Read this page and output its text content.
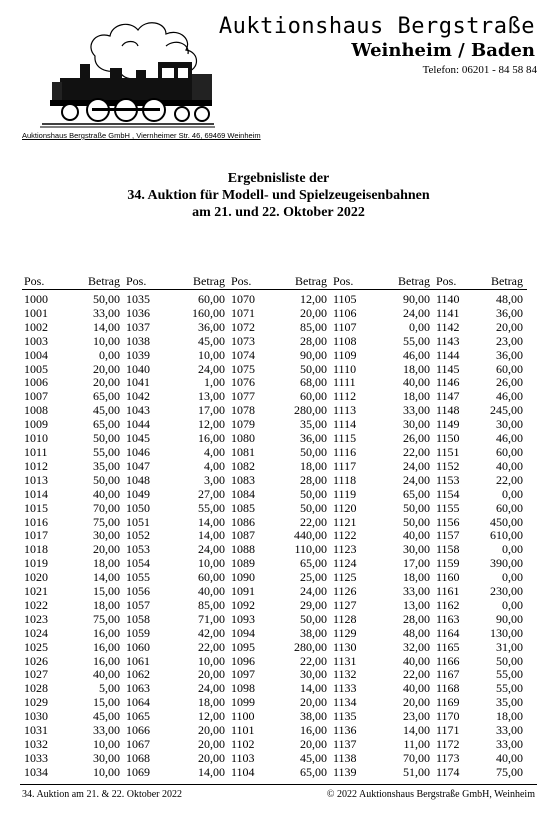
Auktionshaus Bergstraße
Weinheim / Baden
Telefon: 06201 - 84 58 84
Auktionshaus Bergstraße GmbH , Viernheimer Str. 46, 69469 Weinheim
Ergebnisliste der
34. Auktion für Modell- und Spielzeugeisenbahnen
am 21. und 22. Oktober 2022
Pos.	Betrag	Pos.	Betrag	Pos.	Betrag	Pos.	Betrag	Pos.	Betrag
1000	50,00	1035	60,00	1070	12,00	1105	90,00	1140	48,00
1001	33,00	1036	160,00	1071	20,00	1106	24,00	1141	36,00
1002	14,00	1037	36,00	1072	85,00	1107	0,00	1142	20,00
1003	10,00	1038	45,00	1073	28,00	1108	55,00	1143	23,00
1004	0,00	1039	10,00	1074	90,00	1109	46,00	1144	36,00
1005	20,00	1040	24,00	1075	50,00	1110	18,00	1145	60,00
1006	20,00	1041	1,00	1076	68,00	1111	40,00	1146	26,00
1007	65,00	1042	13,00	1077	60,00	1112	18,00	1147	46,00
1008	45,00	1043	17,00	1078	280,00	1113	33,00	1148	245,00
1009	65,00	1044	12,00	1079	35,00	1114	30,00	1149	30,00
1010	50,00	1045	16,00	1080	36,00	1115	26,00	1150	46,00
1011	55,00	1046	4,00	1081	50,00	1116	22,00	1151	60,00
1012	35,00	1047	4,00	1082	18,00	1117	24,00	1152	40,00
1013	50,00	1048	3,00	1083	28,00	1118	24,00	1153	22,00
1014	40,00	1049	27,00	1084	50,00	1119	65,00	1154	0,00
1015	70,00	1050	55,00	1085	50,00	1120	50,00	1155	60,00
1016	75,00	1051	14,00	1086	22,00	1121	50,00	1156	450,00
1017	30,00	1052	14,00	1087	440,00	1122	40,00	1157	610,00
1018	20,00	1053	24,00	1088	110,00	1123	30,00	1158	0,00
1019	18,00	1054	10,00	1089	65,00	1124	17,00	1159	390,00
1020	14,00	1055	60,00	1090	25,00	1125	18,00	1160	0,00
1021	15,00	1056	40,00	1091	24,00	1126	33,00	1161	230,00
1022	18,00	1057	85,00	1092	29,00	1127	13,00	1162	0,00
1023	75,00	1058	71,00	1093	50,00	1128	28,00	1163	90,00
1024	16,00	1059	42,00	1094	38,00	1129	48,00	1164	130,00
1025	16,00	1060	22,00	1095	280,00	1130	32,00	1165	31,00
1026	16,00	1061	10,00	1096	22,00	1131	40,00	1166	50,00
1027	40,00	1062	20,00	1097	30,00	1132	22,00	1167	55,00
1028	5,00	1063	24,00	1098	14,00	1133	40,00	1168	55,00
1029	15,00	1064	18,00	1099	20,00	1134	20,00	1169	35,00
1030	45,00	1065	12,00	1100	38,00	1135	23,00	1170	18,00
1031	33,00	1066	20,00	1101	16,00	1136	14,00	1171	33,00
1032	10,00	1067	20,00	1102	20,00	1137	11,00	1172	33,00
1033	30,00	1068	20,00	1103	45,00	1138	70,00	1173	40,00
1034	10,00	1069	14,00	1104	65,00	1139	51,00	1174	75,00
34. Auktion am 21. & 22. Oktober 2022	© 2022 Auktionshaus Bergstraße GmbH, Weinheim
